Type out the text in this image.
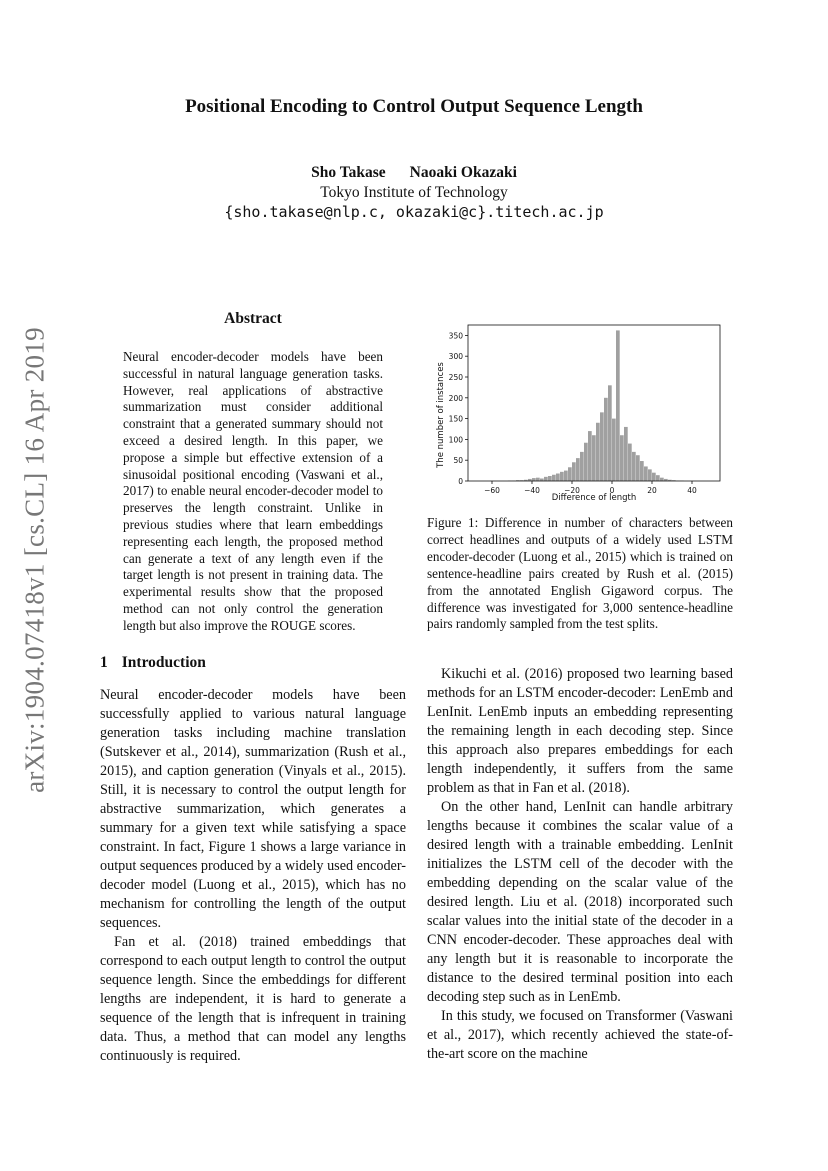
Positional Encoding to Control Output Sequence Length
Sho Takase Naoaki Okazaki
Tokyo Institute of Technology
{sho.takase@nlp.c, okazaki@c}.titech.ac.jp
arXiv:1904.07418v1 [cs.CL] 16 Apr 2019
Abstract
Neural encoder-decoder models have been successful in natural language generation tasks. However, real applications of abstractive summarization must consider additional constraint that a generated summary should not exceed a desired length. In this paper, we propose a simple but effective extension of a sinusoidal positional encoding (Vaswani et al., 2017) to enable neural encoder-decoder model to preserves the length constraint. Unlike in previous studies where that learn embeddings representing each length, the proposed method can generate a text of any length even if the target length is not present in training data. The experimental results show that the proposed method can not only control the generation length but also improve the ROUGE scores.
1 Introduction

Neural encoder-decoder models have been successfully applied to various natural language generation tasks including machine translation (Sutskever et al., 2014), summarization (Rush et al., 2015), and caption generation (Vinyals et al., 2015). Still, it is necessary to control the output length for abstractive summarization, which generates a summary for a given text while satisfying a space constraint. In fact, Figure 1 shows a large variance in output sequences produced by a widely used encoder-decoder model (Luong et al., 2015), which has no mechanism for controlling the length of the output sequences.

Fan et al. (2018) trained embeddings that correspond to each output length to control the output sequence length. Since the embeddings for different lengths are independent, it is hard to generate a sequence of the length that is infrequent in training data. Thus, a method that can model any lengths continuously is required.

Kikuchi et al. (2016) proposed two learning based methods for an LSTM encoder-decoder: LenEmb and LenInit. LenEmb inputs an embedding representing the remaining length in each decoding step. Since this approach also prepares embeddings for each length independently, it suffers from the same problem as that in Fan et al. (2018).

On the other hand, LenInit can handle arbitrary lengths because it combines the scalar value of a desired length with a trainable embedding. LenInit initializes the LSTM cell of the decoder with the embedding depending on the scalar value of the desired length. Liu et al. (2018) incorporated such scalar values into the initial state of the decoder in a CNN encoder-decoder. These approaches deal with any length but it is reasonable to incorporate the distance to the desired terminal position into each decoding step such as in LenEmb.

In this study, we focused on Transformer (Vaswani et al., 2017), which recently achieved the state-of-the-art score on the machine

0
50
100
150
200
250
300
350
−60	−40	−20	0	20	40
The number of instances
Difference of length
Figure 1: Difference in number of characters between correct headlines and outputs of a widely used LSTM encoder-decoder (Luong et al., 2015) which is trained on sentence-headline pairs created by Rush et al. (2015) from the annotated English Gigaword corpus. The difference was investigated for 3,000 sentence-headline pairs randomly sampled from the test splits.
